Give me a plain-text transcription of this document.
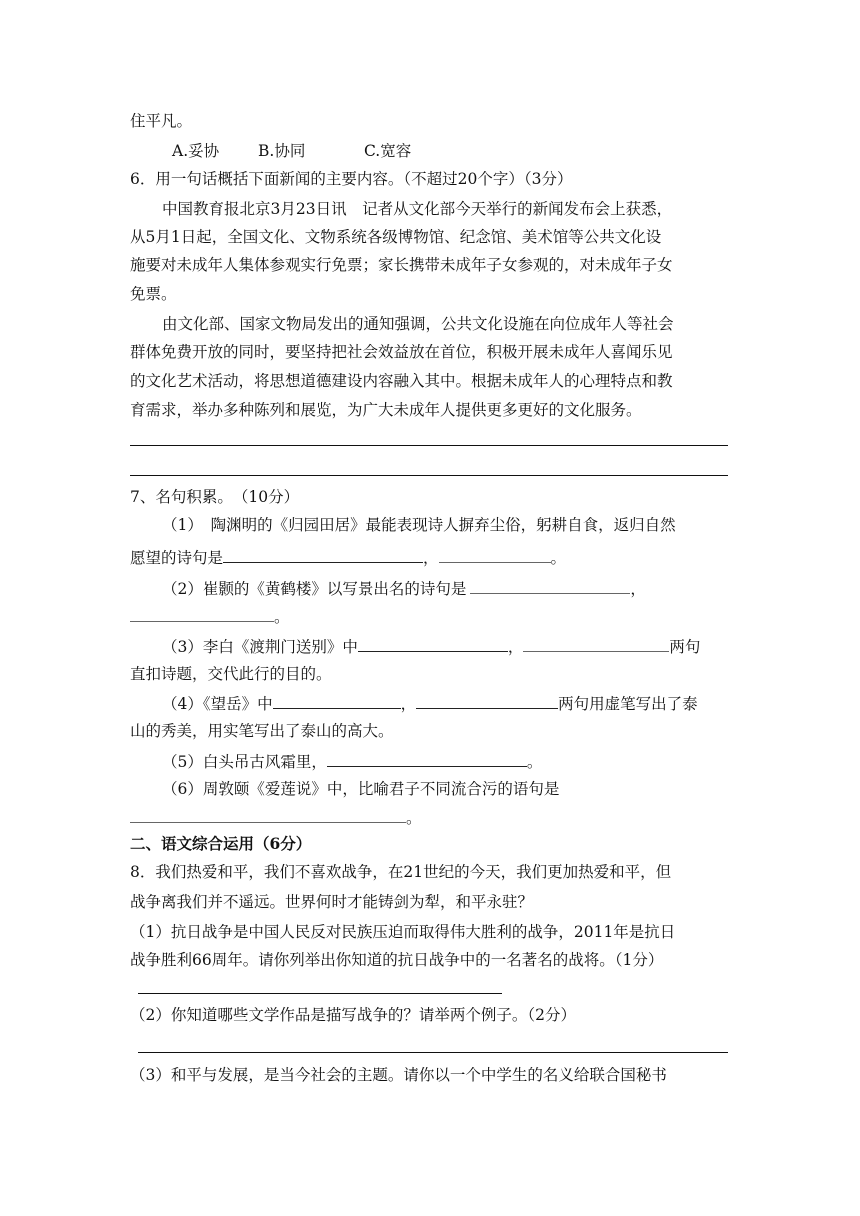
住平凡。
A.妥协	B.协同	C.宽容
6．用一句话概括下面新闻的主要内容。（不超过20个字）（3分）
中国教育报北京3月23日讯　记者从文化部今天举行的新闻发布会上获悉，
从5月1日起，全国文化、文物系统各级博物馆、纪念馆、美术馆等公共文化设
施要对未成年人集体参观实行免票；家长携带未成年子女参观的，对未成年子女
免票。
由文化部、国家文物局发出的通知强调，公共文化设施在向位成年人等社会
群体免费开放的同时，要坚持把社会效益放在首位，积极开展未成年人喜闻乐见
的文化艺术活动，将思想道德建设内容融入其中。根据未成年人的心理特点和教
育需求，举办多种陈列和展览，为广大未成年人提供更多更好的文化服务。
7、名句积累。　（10分）
（1）　陶渊明的《归园田居》最能表现诗人摒弃尘俗，躬耕自食，返归自然
愿望的诗句是	，	。
（2）崔颢的《黄鹤楼》以写景出名的诗句是	，
。
（3）李白《渡荆门送别》中	，	两句
直扣诗题，交代此行的目的。
（4）《望岳》中	，	两句用虚笔写出了泰
山的秀美，用实笔写出了泰山的高大。
（5）白头吊古风霜里，	。
（6）周敦颐《爱莲说》中，比喻君子不同流合污的语句是
。
二、语文综合运用（6分）
8．我们热爱和平，我们不喜欢战争，在21世纪的今天，我们更加热爱和平，但
战争离我们并不遥远。世界何时才能铸剑为犁，和平永驻？
（1）抗日战争是中国人民反对民族压迫而取得伟大胜利的战争，2011年是抗日
战争胜利66周年。请你列举出你知道的抗日战争中的一名著名的战将。（1分）
（2）你知道哪些文学作品是描写战争的？请举两个例子。（2分）
（3）和平与发展，是当今社会的主题。请你以一个中学生的名义给联合国秘书
